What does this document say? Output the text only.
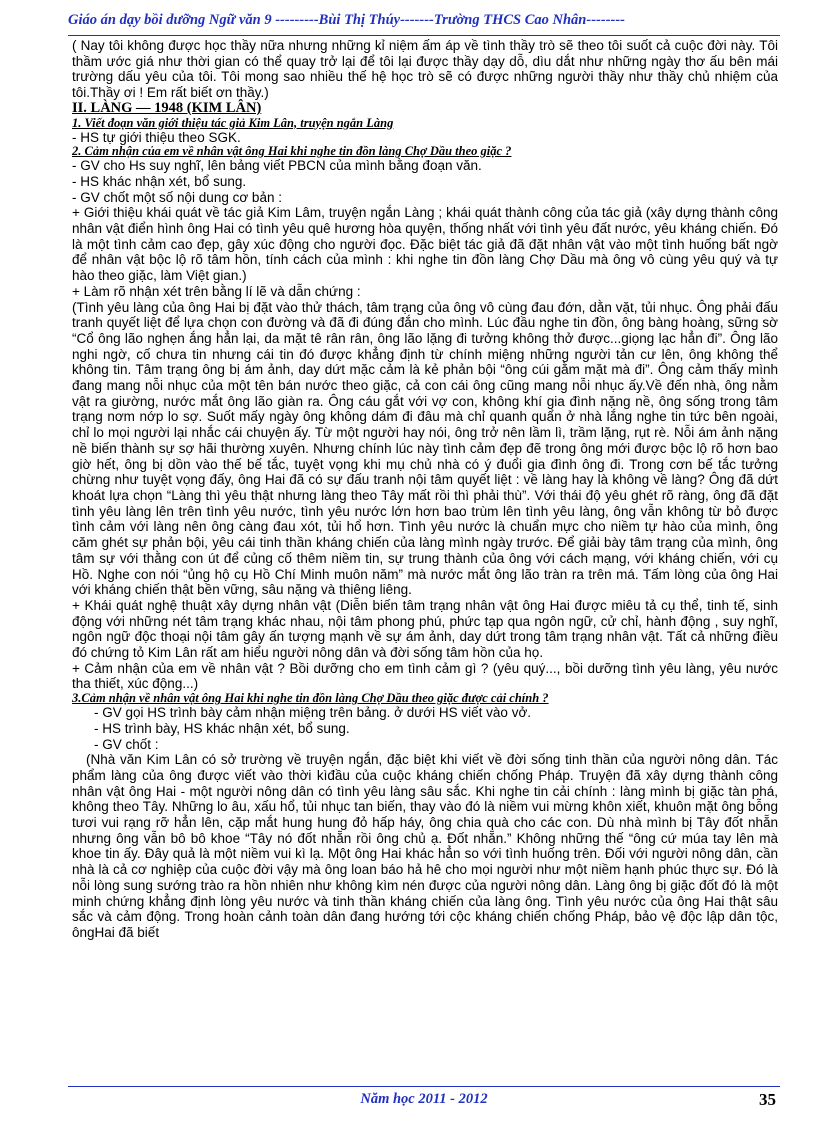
Giáo án dạy bồi dưỡng Ngữ văn 9 ---------Bùi Thị Thúy-------Trường THCS Cao Nhân--------

( Nay tôi không được học thầy nữa nhưng những kỉ niệm ấm áp về tình thầy trò sẽ theo tôi suốt cả cuộc đời này. Tôi thầm ước giá như thời gian có thể quay trở lại để tôi lại được thầy dạy dỗ, dìu dắt như những ngày thơ ấu bên mái trường dấu yêu của tôi. Tôi mong sao nhiều thế hệ học trò sẽ có được những người thầy như thầy chủ nhiệm của tôi.Thầy ơi ! Em rất biết ơn thầy.)

II. LÀNG — 1948 (KIM LÂN)

1. Viết đoạn văn giới thiệu tác giả Kim Lân, truyện ngắn Làng

- HS tự giới thiệu theo SGK.

2. Cảm nhận của em về nhân vật ông Hai khi nghe tin đồn làng Chợ Dầu theo giặc ?

- GV cho Hs suy nghĩ, lên bảng viết PBCN của mình bằng đoạn văn.

- HS khác nhận xét, bổ sung.

- GV chốt một số nội dung cơ bản :

+ Giới thiệu khái quát về tác giả Kim Lâm, truyện ngắn Làng ; khái quát thành công của tác giả (xây dựng thành công nhân vật điển hình ông Hai có tình yêu quê hương hòa quyện, thống nhất với tình yêu đất nước, yêu kháng chiến. Đó là một tình cảm cao đẹp, gây xúc động cho người đọc. Đặc biệt tác giả đã đặt nhân vật vào một tình huống bất ngờ để nhân vật bộc lộ rõ tâm hồn, tính cách của mình : khi nghe tin đồn làng Chợ Dầu mà ông vô cùng yêu quý và tự hào theo giặc, làm Việt gian.)

+ Làm rõ nhận xét trên bằng lí lẽ và dẫn chứng :

(Tình yêu làng của ông Hai bị đặt vào thử thách, tâm trạng của ông vô cùng đau đớn, dằn vặt, tủi nhục. Ông phải đấu tranh quyết liệt để lựa chọn con đường và đã đi đúng đắn cho mình. Lúc đầu nghe tin đồn, ông bàng hoàng, sững sờ “Cổ ông lão nghẹn ắng hẳn lại, da mặt tê rân rân, ông lão lặng đi tưởng không thở được...giọng lạc hẳn đi”. Ông lão nghi ngờ, cố chưa tin nhưng cái tin đó được khẳng định từ chính miệng những người tản cư lên, ông không thể không tin. Tâm trạng ông bị ám ảnh, day dứt mặc cảm là kẻ phản bội “ông cúi gằm mặt mà đi”. Ông cảm thấy mình đang mang nỗi nhục của một tên bán nước theo giặc, cả con cái ông cũng mang nỗi nhục ấy.Về đến nhà, ông nằm vật ra giường, nước mắt ông lão giàn ra. Ông cáu gắt với vợ con, không khí gia đình nặng nề, ông sống trong tâm trạng nơm nớp lo sợ. Suốt mấy ngày ông không dám đi đâu mà chỉ quanh quẩn ở nhà lắng nghe tin tức bên ngoài, chỉ lo mọi người lại nhắc cái chuyện ấy. Từ một người hay nói, ông trở nên lầm lì, trầm lặng, rụt rè. Nỗi ám ảnh nặng nề biến thành sự sợ hãi thường xuyên. Nhưng chính lúc này tình cảm đẹp đẽ trong ông mới được bộc lộ rõ hơn bao giờ hết, ông bị dồn vào thế bế tắc, tuyệt vọng khi mụ chủ nhà có ý đuổi gia đình ông đi. Trong cơn bế tắc tưởng chừng như tuyệt vọng đấy, ông Hai đã có sự đấu tranh nội tâm quyết liệt : về làng hay là không về làng? Ông đã dứt khoát lựa chọn “Làng thì yêu thật nhưng làng theo Tây mất rồi thì phải thù”. Với thái độ yêu ghét rõ ràng, ông đã đặt tình yêu làng lên trên tình yêu nước, tình yêu nước lớn hơn bao trùm lên tình yêu làng, ông vẫn không từ bỏ được tình cảm với làng nên ông càng đau xót, tủi hổ hơn. Tình yêu nước là chuẩn mực cho niềm tự hào của mình, ông căm ghét sự phản bội, yêu cái tinh thần kháng chiến của làng mình ngày trước. Để giải bày tâm trạng của mình, ông tâm sự với thằng con út để củng cố thêm niềm tin, sự trung thành của ông với cách mạng, với kháng chiến, với cụ Hồ. Nghe con nói “ủng hộ cụ Hồ Chí Minh muôn năm” mà nước mắt ông lão tràn ra trên má. Tấm lòng của ông Hai với kháng chiến thật bền vững, sâu nặng và thiêng liêng.

+ Khái quát nghệ thuật xây dựng nhân vật (Diễn biến tâm trạng nhân vật ông Hai được miêu tả cụ thể, tinh tế, sinh động với những nét tâm trạng khác nhau, nội tâm phong phú, phức tạp qua ngôn ngữ, cử chỉ, hành động , suy nghĩ, ngôn ngữ độc thoại nội tâm gây ấn tượng mạnh về sự ám ảnh, day dứt trong tâm trạng nhân vật. Tất cả những điều đó chứng tỏ Kim Lân rất am hiểu người nông dân và đời sống tâm hồn của họ.

+ Cảm nhận của em về nhân vật ? Bồi dưỡng cho em tình cảm gì ? (yêu quý..., bồi dưỡng tình yêu làng, yêu nước tha thiết, xúc động...)

3.Cảm nhận về nhân vật ông Hai khi nghe tin đồn làng Chợ Dầu theo giặc được cải chính ?

- GV gọi HS trình bày cảm nhận miệng trên bảng. ở dưới HS viết vào vở.

- HS trình bày, HS khác nhận xét, bổ sung.

- GV chốt :

(Nhà văn Kim Lân có sở trường về truyện ngắn, đặc biệt khi viết về đời sống tinh thần của người nông dân. Tác phẩm làng của ông được viết vào thời kìđầu của cuộc kháng chiến chống Pháp. Truyện đã xây dựng thành công nhân vật ông Hai - một người nông dân có tình yêu làng sâu sắc. Khi nghe tin cải chính : làng mình bị giặc tàn phá, không theo Tây. Những lo âu, xấu hổ, tủi nhục tan biến, thay vào đó là niềm vui mừng khôn xiết, khuôn mặt ông bỗng tươi vui rạng rỡ hẳn lên, cặp mắt hung hung đỏ hấp háy, ông chia quà cho các con. Dù nhà mình bị Tây đốt nhẵn nhưng ông vẫn bô bô khoe “Tây nó đốt nhẵn rồi ông chủ ạ. Đốt nhẵn.” Không những thế “ông cứ múa tay lên mà khoe tin ấy. Đây quả là một niềm vui kì lạ. Một ông Hai khác hẳn so với tình huống trên. Đối với người nông dân, cần nhà là cả cơ nghiệp của cuộc đời vậy mà ông loan báo hả hê cho mọi người như một niềm hạnh phúc thực sự. Đó là nỗi lòng sung sướng trào ra hồn nhiên như không kìm nén được của người nông dân. Làng ông bị giặc đốt đó là một minh chứng khẳng định lòng yêu nước và tinh thần kháng chiến của làng ông. Tình yêu nước của ông Hai thật sâu sắc và cảm động. Trong hoàn cảnh toàn dân đang hướng tới cộc kháng chiến chống Pháp, bảo vệ độc lập dân tộc, ôngHai đã biết

Năm học 2011 - 2012	35
